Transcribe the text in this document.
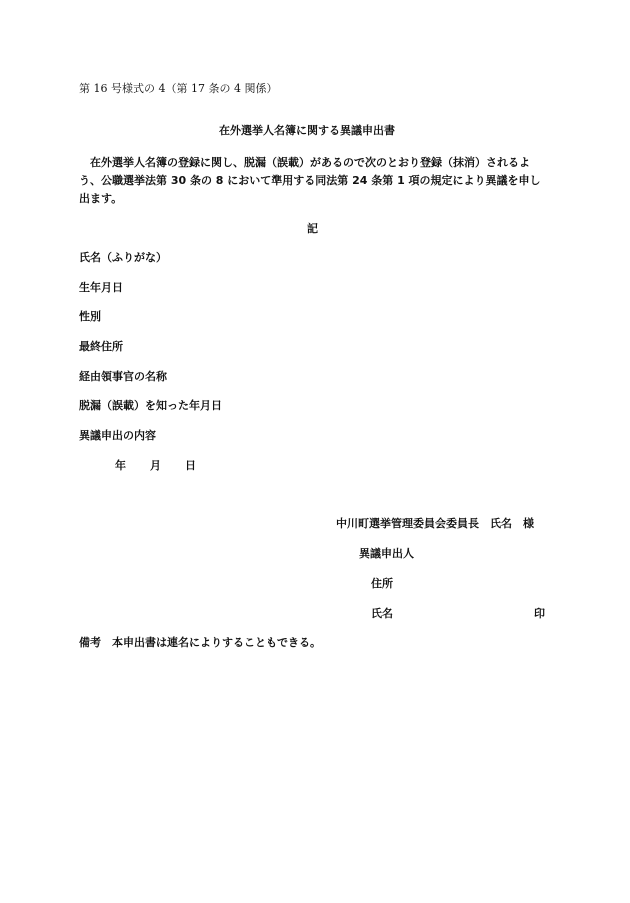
第 16 号様式の 4（第 17 条の 4 関係）
在外選挙人名簿に関する異議申出書
在外選挙人名簿の登録に関し、脱漏（誤載）があるので次のとおり登録（抹消）されるよう、公職選挙法第 30 条の 8 において準用する同法第 24 条第 1 項の規定により異議を申し出ます。
記
氏名（ふりがな）
生年月日
性別
最終住所
経由領事官の名称
脱漏（誤載）を知った年月日
異議申出の内容
年 月 日
中川町選挙管理委員会委員長　氏名　様
異議申出人
住所
氏名	印
備考　本申出書は連名によりすることもできる。
